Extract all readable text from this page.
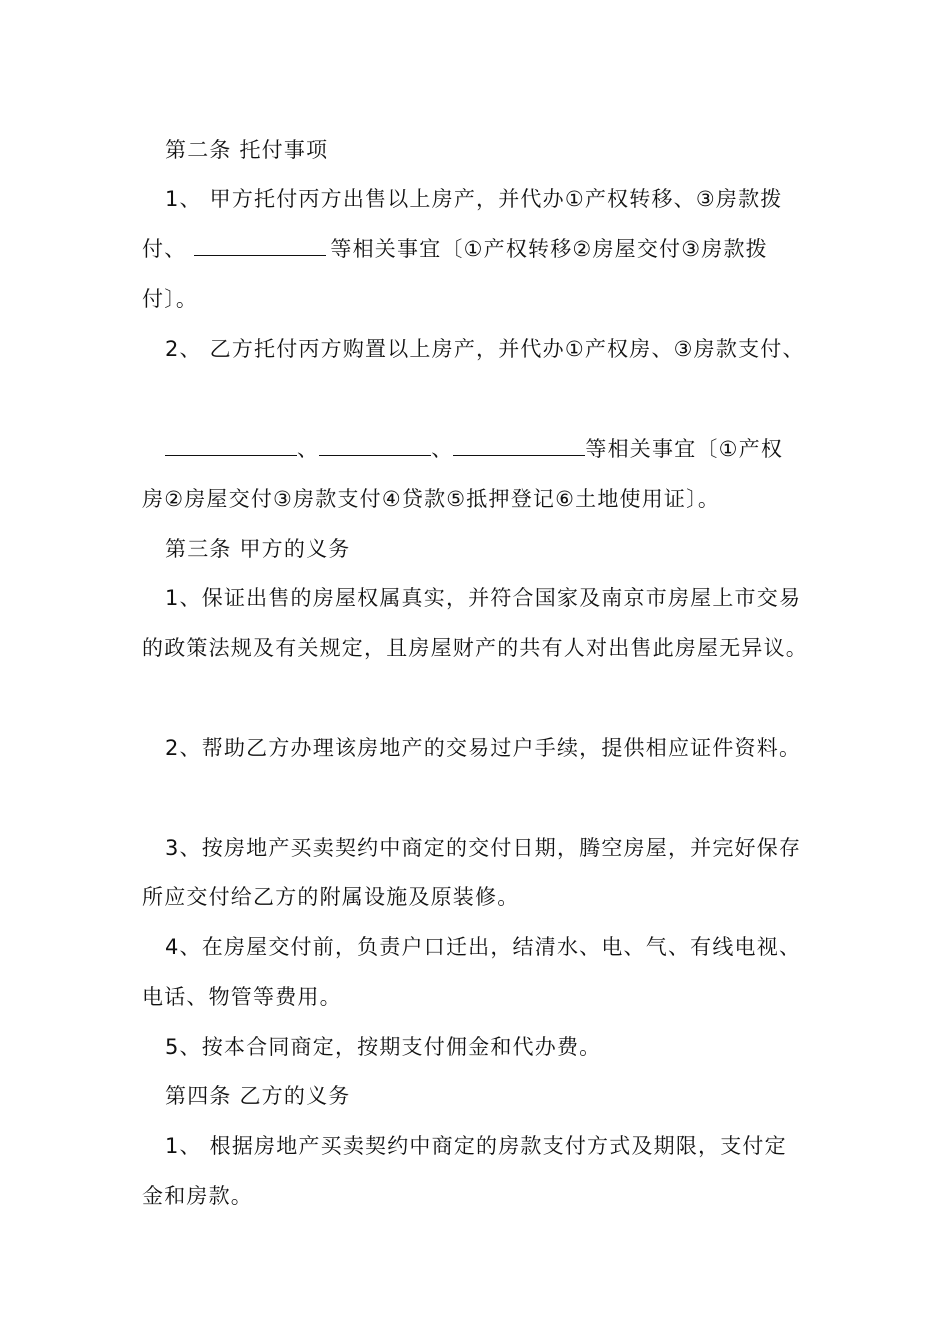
第二条 托付事项
1、 甲方托付丙方出售以上房产，并代办①产权转移、③房款拨
付、	等相关事宜〔①产权转移②房屋交付③房款拨
付〕。
2、 乙方托付丙方购置以上房产，并代办①产权房、③房款支付、
、	、	等相关事宜〔①产权
房②房屋交付③房款支付④贷款⑤抵押登记⑥土地使用证〕。
第三条 甲方的义务
1、保证出售的房屋权属真实，并符合国家及南京市房屋上市交易
的政策法规及有关规定，且房屋财产的共有人对出售此房屋无异议。
2、帮助乙方办理该房地产的交易过户手续，提供相应证件资料。
3、按房地产买卖契约中商定的交付日期，腾空房屋，并完好保存
所应交付给乙方的附属设施及原装修。
4、在房屋交付前，负责户口迁出，结清水、电、气、有线电视、
电话、物管等费用。
5、按本合同商定，按期支付佣金和代办费。
第四条 乙方的义务
1、 根据房地产买卖契约中商定的房款支付方式及期限，支付定
金和房款。
